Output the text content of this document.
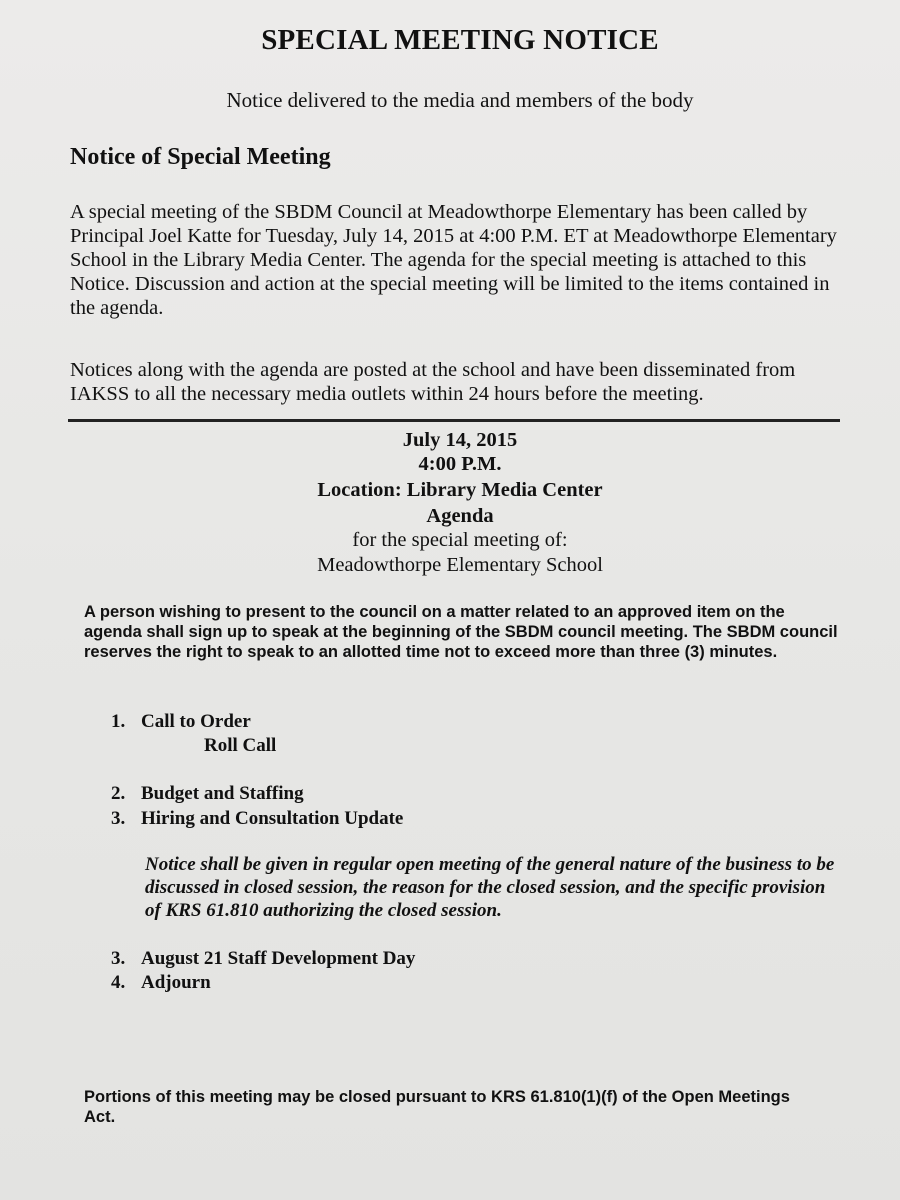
SPECIAL MEETING NOTICE
Notice delivered to the media and members of the body
Notice of Special Meeting
A special meeting of the SBDM Council at Meadowthorpe Elementary has been called by Principal Joel Katte for Tuesday, July 14, 2015 at 4:00 P.M. ET at Meadowthorpe Elementary School in the Library Media Center. The agenda for the special meeting is attached to this Notice. Discussion and action at the special meeting will be limited to the items contained in the agenda.
Notices along with the agenda are posted at the school and have been disseminated from IAKSS to all the necessary media outlets within 24 hours before the meeting.
July 14, 2015
4:00 P.M.
Location: Library Media Center
Agenda
for the special meeting of:
Meadowthorpe Elementary School
A person wishing to present to the council on a matter related to an approved item on the agenda shall sign up to speak at the beginning of the SBDM council meeting. The SBDM council reserves the right to speak to an allotted time not to exceed more than three (3) minutes.
1. Call to Order
Roll Call
2. Budget and Staffing
3. Hiring and Consultation Update
Notice shall be given in regular open meeting of the general nature of the business to be discussed in closed session, the reason for the closed session, and the specific provision of KRS 61.810 authorizing the closed session.
3. August 21 Staff Development Day
4. Adjourn
Portions of this meeting may be closed pursuant to KRS 61.810(1)(f) of the Open Meetings Act.
